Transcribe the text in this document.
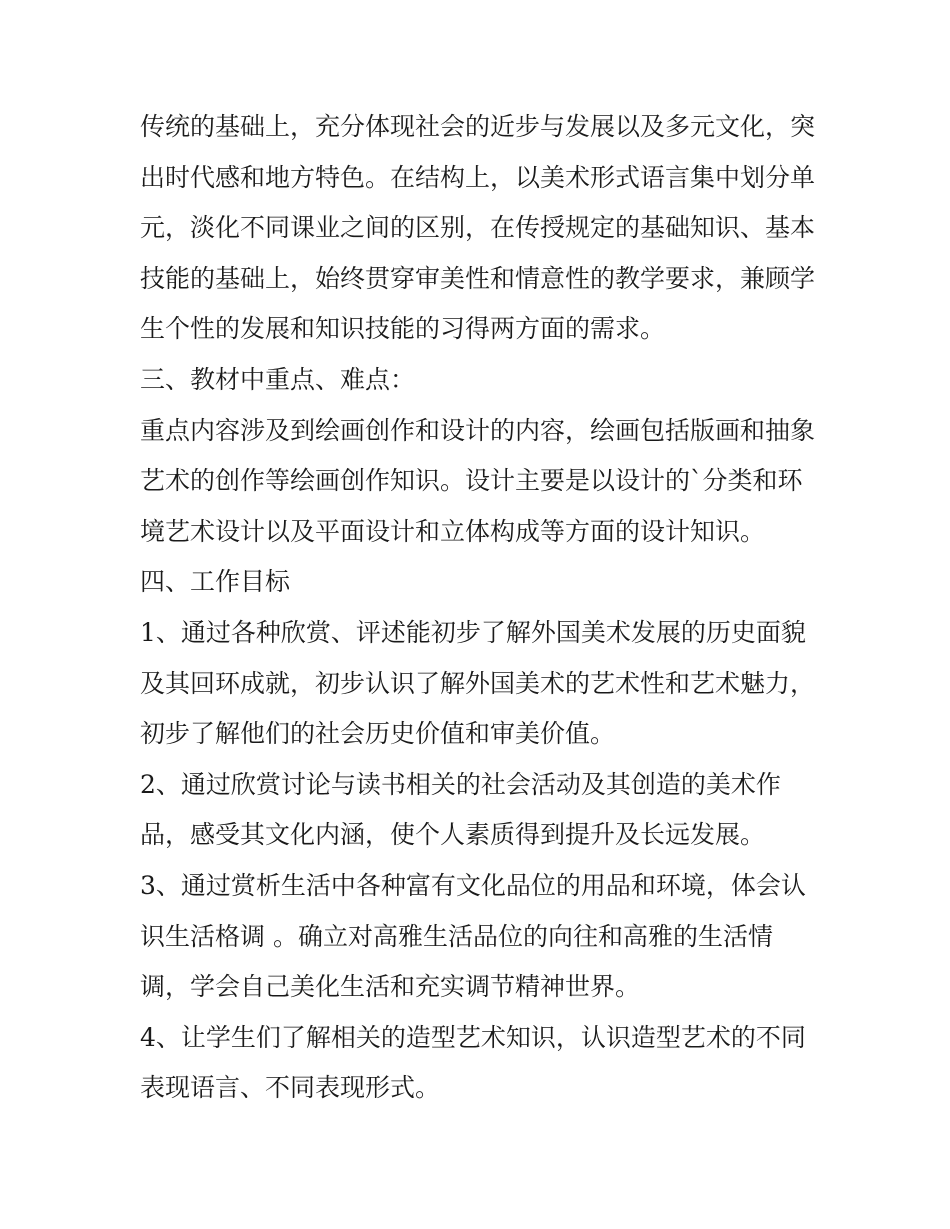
传统的基础上，充分体现社会的近步与发展以及多元文化，突
出时代感和地方特色。在结构上，以美术形式语言集中划分单
元，淡化不同课业之间的区别，在传授规定的基础知识、基本
技能的基础上，始终贯穿审美性和情意性的教学要求，兼顾学
生个性的发展和知识技能的习得两方面的需求。
三、教材中重点、难点：
重点内容涉及到绘画创作和设计的内容，绘画包括版画和抽象
艺术的创作等绘画创作知识。设计主要是以设计的`分类和环
境艺术设计以及平面设计和立体构成等方面的设计知识。
四、工作目标
1、通过各种欣赏、评述能初步了解外国美术发展的历史面貌
及其回环成就，初步认识了解外国美术的艺术性和艺术魅力，
初步了解他们的社会历史价值和审美价值。
2、通过欣赏讨论与读书相关的社会活动及其创造的美术作
品，感受其文化内涵，使个人素质得到提升及长远发展。
3、通过赏析生活中各种富有文化品位的用品和环境，体会认
识生活格调 。确立对高雅生活品位的向往和高雅的生活情
调，学会自己美化生活和充实调节精神世界。
4、让学生们了解相关的造型艺术知识，认识造型艺术的不同
表现语言、不同表现形式。
